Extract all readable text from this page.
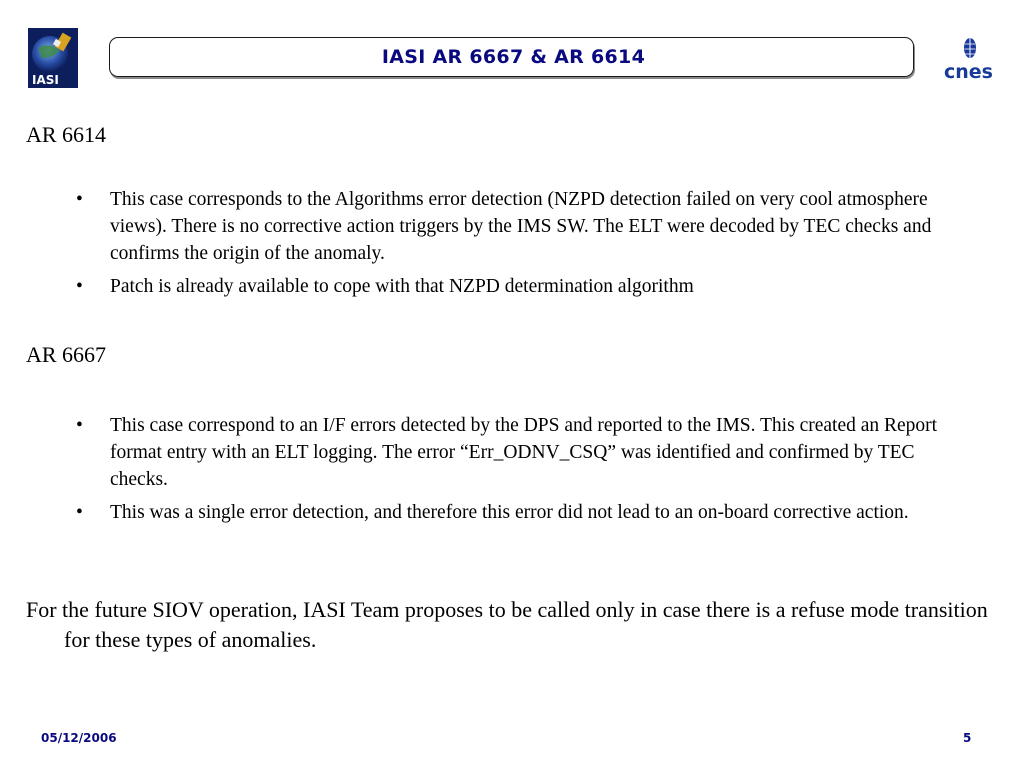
IASI
IASI AR 6667 & AR 6614
cnes
AR 6614
• This case corresponds to the Algorithms error detection (NZPD detection failed on very cool atmosphere views). There is no corrective action triggers by the IMS SW. The ELT were decoded by TEC checks and confirms the origin of the anomaly.
• Patch is already available to cope with that NZPD determination algorithm
AR 6667
• This case correspond to an I/F errors detected by the DPS and reported to the IMS. This created an Report format entry with an ELT logging. The error “Err_ODNV_CSQ” was identified and confirmed by TEC checks.
• This was a single error detection, and therefore this error did not lead to an on-board corrective action.
For the future SIOV operation, IASI Team proposes to be called only in case there is a refuse mode transition for these types of anomalies.
05/12/2006	5
